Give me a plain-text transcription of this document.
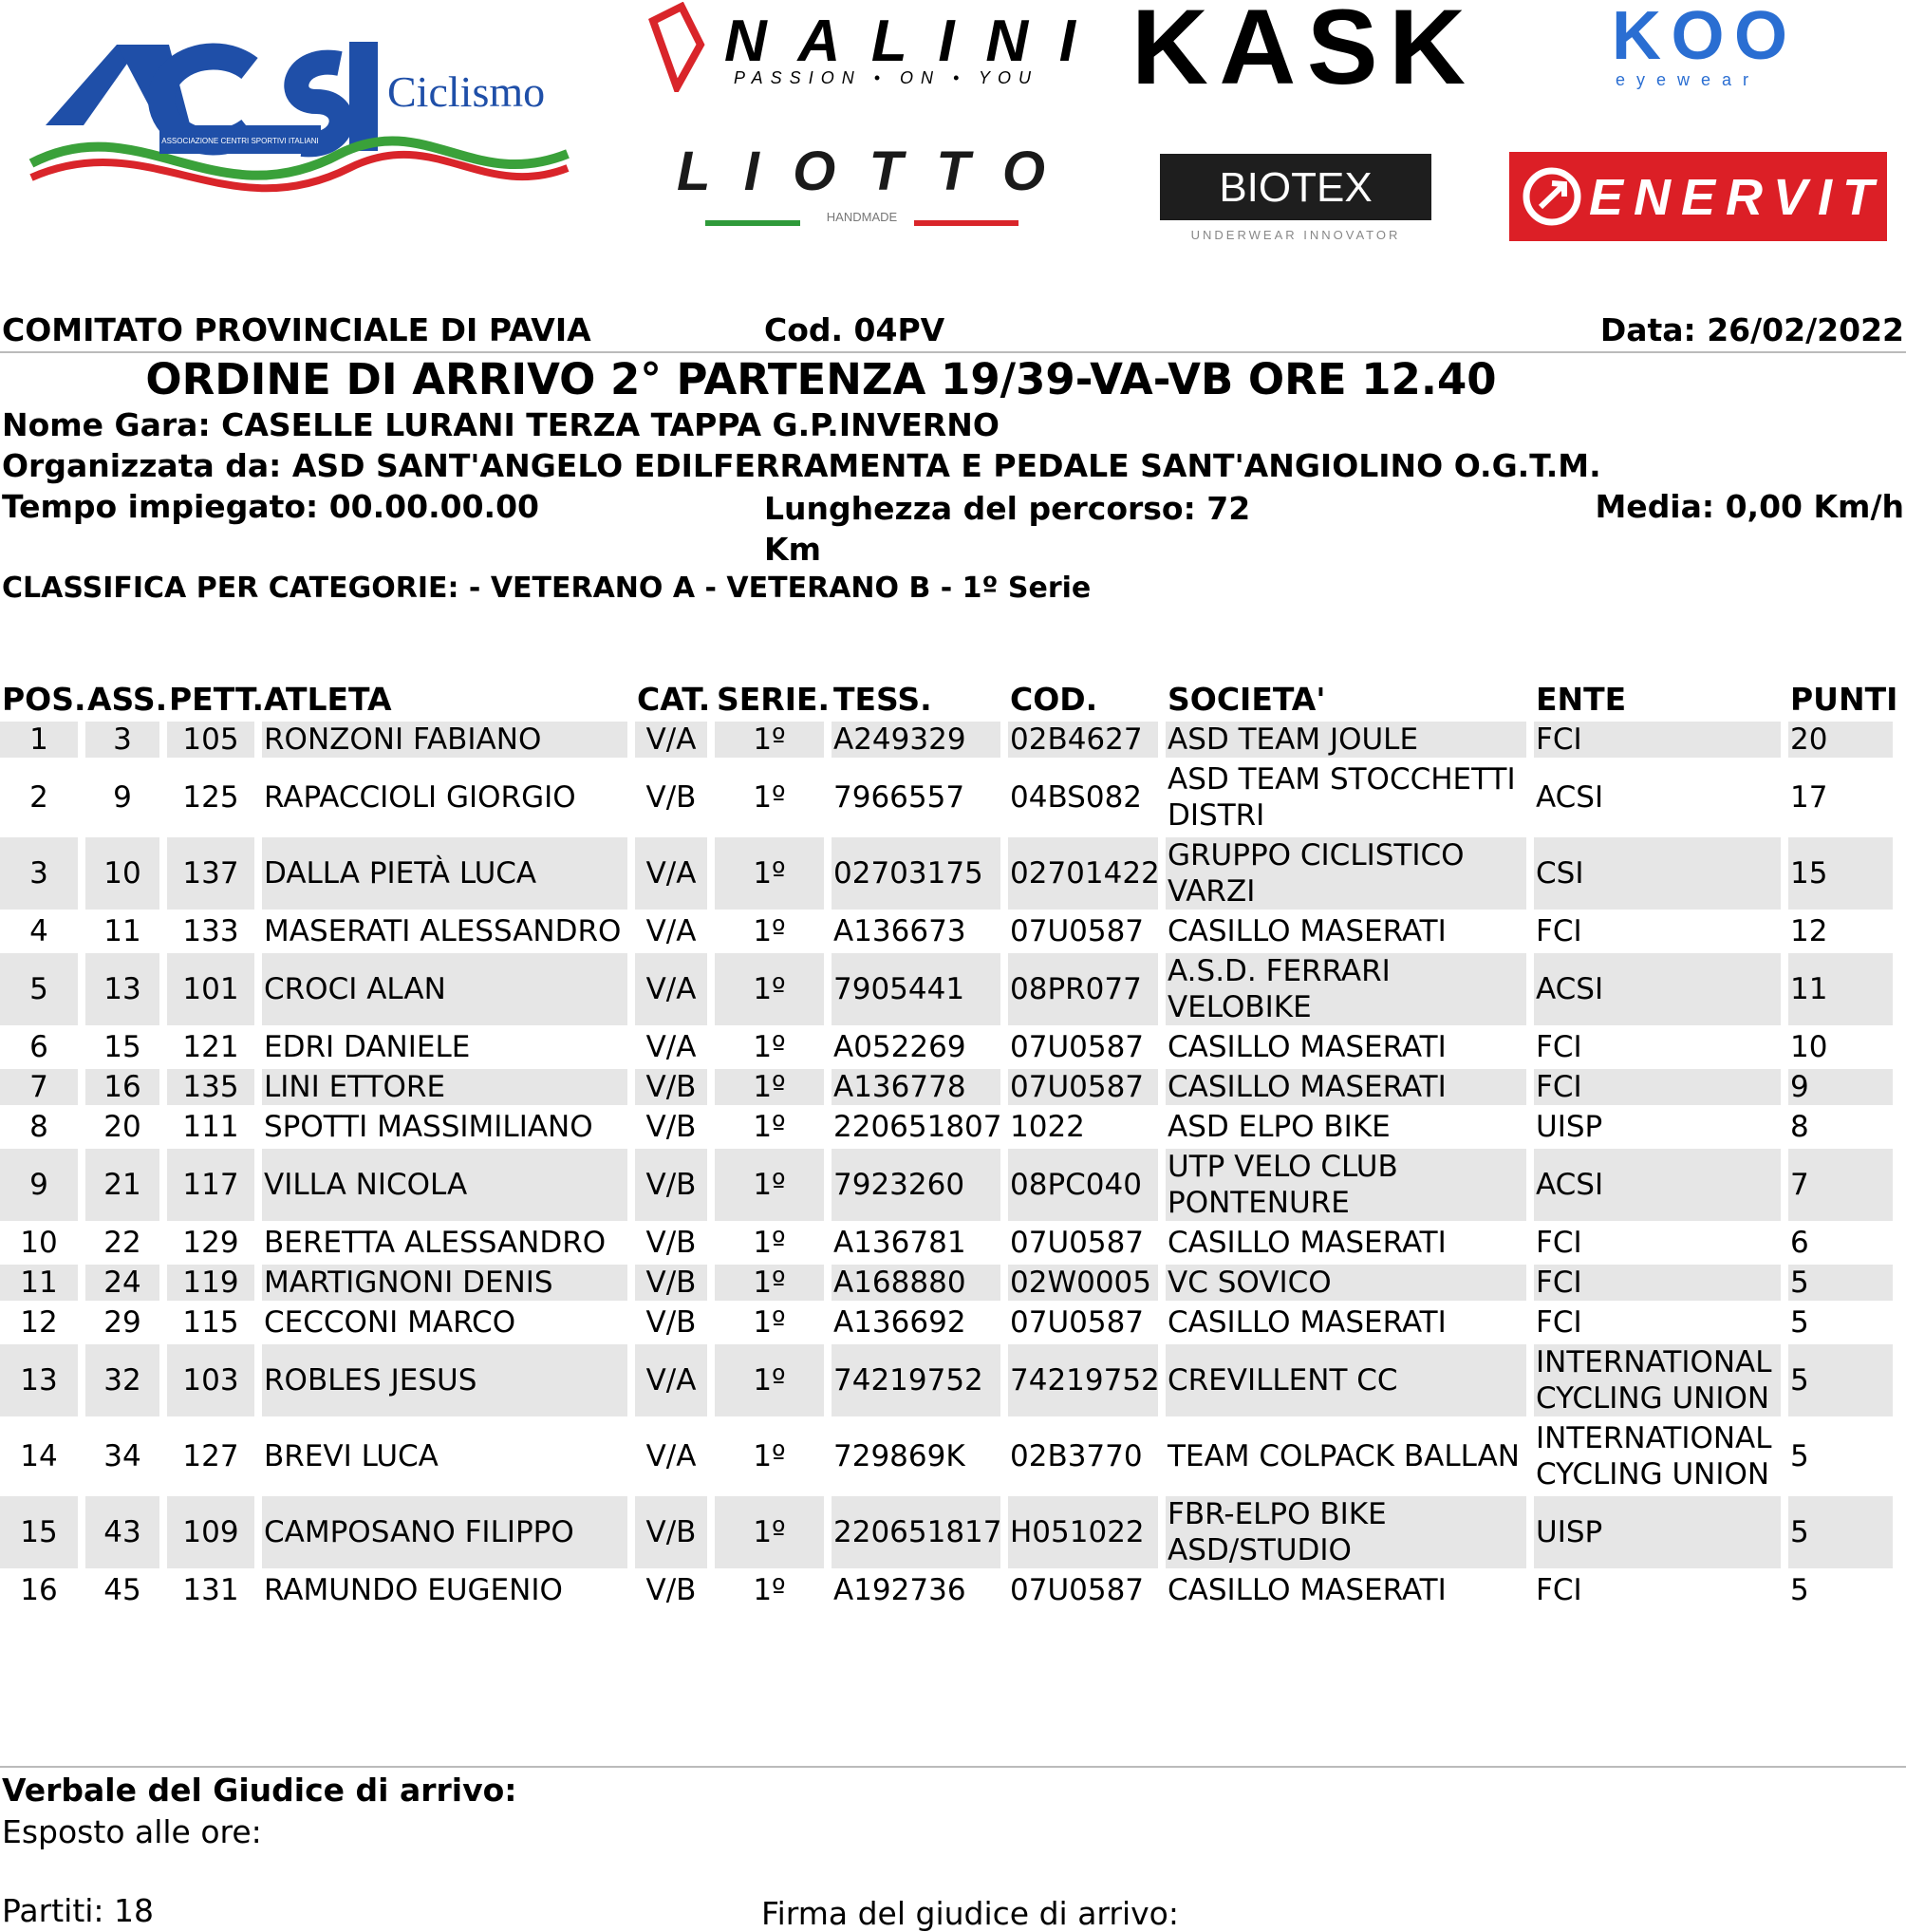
ASSOCIAZIONE CENTRI SPORTIVI ITALIANI
Ciclismo
NALINI
PASSION • ON • YOU KASK KOO
eyewear
LIOTTO
HANDMADE
BIOTEX
UNDERWEAR INNOVATOR
ENERVIT
COMITATO PROVINCIALE DI PAVIA	Cod. 04PV	Data: 26/02/2022
ORDINE DI ARRIVO 2° PARTENZA 19/39-VA-VB ORE 12.40
Nome Gara: CASELLE LURANI TERZA TAPPA G.P.INVERNO
Organizzata da: ASD SANT'ANGELO EDILFERRAMENTA E PEDALE SANT'ANGIOLINO O.G.T.M.
Tempo impiegato: 00.00.00.00	Lunghezza del percorso: 72 Km
Media: 0,00 Km/h
CLASSIFICA PER CATEGORIE: - VETERANO A - VETERANO B - 1º Serie
POS.	ASS.	PETT.	ATLETA	CAT.	SERIE.	TESS.	COD.	SOCIETA'	ENTE	PUNTI
1	3	105	RONZONI FABIANO	V/A	1º	A249329	02B4627	ASD TEAM JOULE	FCI	20
2	9	125	RAPACCIOLI GIORGIO	V/B	1º	7966557	04BS082	ASD TEAM STOCCHETTI DISTRI	ACSI	17
3	10	137	DALLA PIETÀ LUCA	V/A	1º	02703175	02701422	GRUPPO CICLISTICO VARZI	CSI	15
4	11	133	MASERATI ALESSANDRO	V/A	1º	A136673	07U0587	CASILLO MASERATI	FCI	12
5	13	101	CROCI ALAN	V/A	1º	7905441	08PR077	A.S.D. FERRARI VELOBIKE	ACSI	11
6	15	121	EDRI DANIELE	V/A	1º	A052269	07U0587	CASILLO MASERATI	FCI	10
7	16	135	LINI ETTORE	V/B	1º	A136778	07U0587	CASILLO MASERATI	FCI	9
8	20	111	SPOTTI MASSIMILIANO	V/B	1º	220651807	1022	ASD ELPO BIKE	UISP	8
9	21	117	VILLA NICOLA	V/B	1º	7923260	08PC040	UTP VELO CLUB PONTENURE	ACSI	7
10	22	129	BERETTA ALESSANDRO	V/B	1º	A136781	07U0587	CASILLO MASERATI	FCI	6
11	24	119	MARTIGNONI DENIS	V/B	1º	A168880	02W0005	VC SOVICO	FCI	5
12	29	115	CECCONI MARCO	V/B	1º	A136692	07U0587	CASILLO MASERATI	FCI	5
13	32	103	ROBLES JESUS	V/A	1º	74219752	74219752	CREVILLENT CC	INTERNATIONAL CYCLING UNION	5
14	34	127	BREVI LUCA	V/A	1º	729869K	02B3770	TEAM COLPACK BALLAN	INTERNATIONAL CYCLING UNION	5
15	43	109	CAMPOSANO FILIPPO	V/B	1º	220651817	H051022	FBR-ELPO BIKE ASD/STUDIO	UISP	5
16	45	131	RAMUNDO EUGENIO	V/B	1º	A192736	07U0587	CASILLO MASERATI	FCI	5
Verbale del Giudice di arrivo:
Esposto alle ore:
Partiti: 18	Firma del giudice di arrivo:
